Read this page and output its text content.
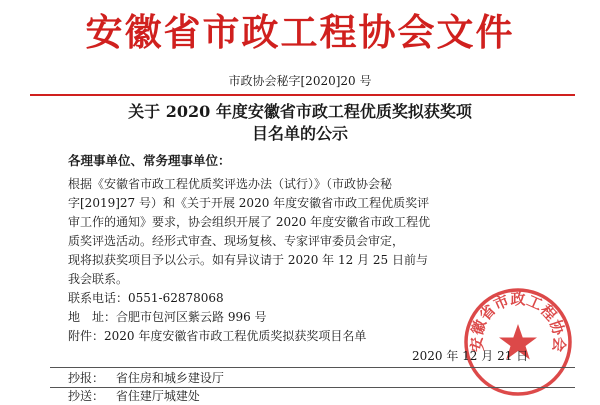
安徽省市政工程协会文件
市政协会秘字[2020]20 号
关于 2020 年度安徽省市政工程优质奖拟获奖项
目名单的公示
各理事单位、常务理事单位：
根据《安徽省市政工程优质奖评选办法（试行）》（市政协会秘
字[2019]27 号）和《关于开展 2020 年度安徽省市政工程优质奖评
审工作的通知》要求，协会组织开展了 2020 年度安徽省市政工程优
质奖评选活动。经形式审查、现场复核、专家评审委员会审定，
现将拟获奖项目予以公示。如有异议请于 2020 年 12 月 25 日前与
我会联系。
联系电话：0551-62878068
地　址：合肥市包河区紫云路 996 号
附件：2020 年度安徽省市政工程优质奖拟获奖项目名单	安徽省市政工程协会
2020 年 12 月 21 日
抄报： 省住房和城乡建设厅
抄送： 省住建厅城建处
